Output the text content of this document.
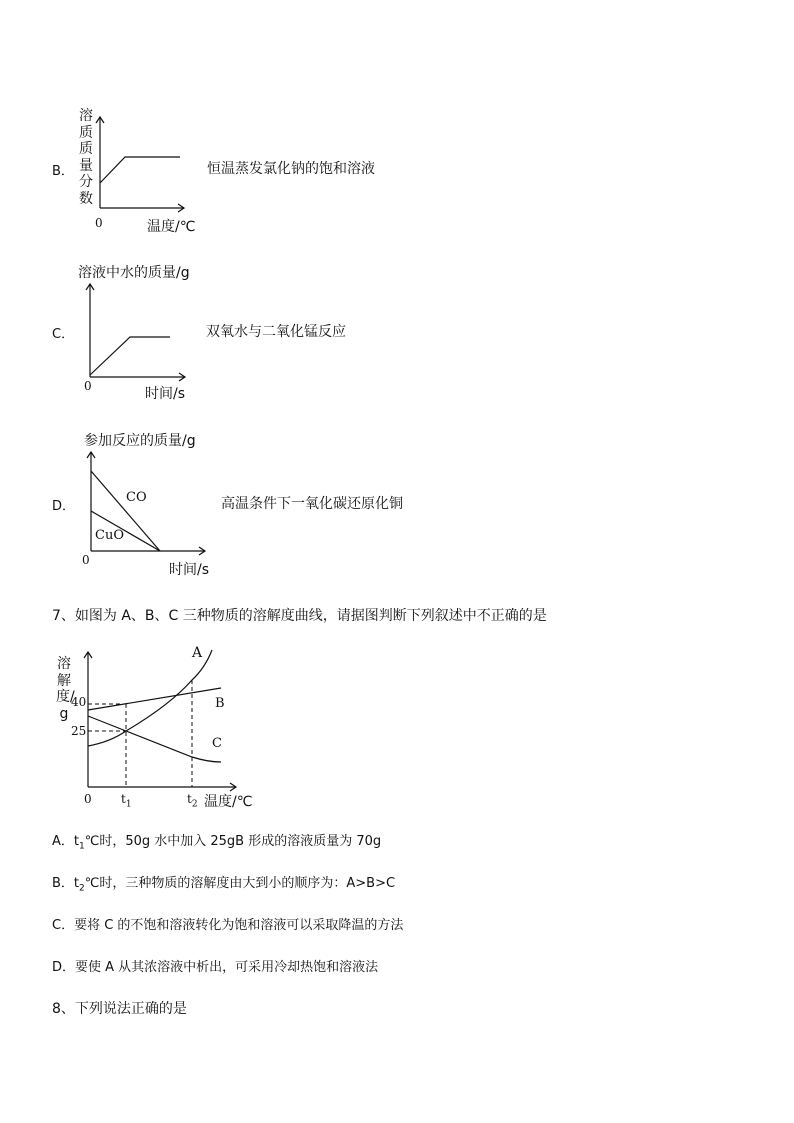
B．
溶质质量分数
0	温度/℃
恒温蒸发氯化钠的饱和溶液
溶液中水的质量/g
C．
0	时间/s
双氧水与二氧化锰反应
参加反应的质量/g
D．
CO
CuO
0
时间/s
高温条件下一氧化碳还原化铜
7、如图为 A、B、C 三种物质的溶解度曲线，请据图判断下列叙述中不正确的是
溶解度/g
40
25
0 $t_1$	$t_2$ 温度/℃
A
B
C
A．$t_1℃$时，50g 水中加入 25gB 形成的溶液质量为 70g
B．$t_2℃$时，三种物质的溶解度由大到小的顺序为：A>B>C
C．要将 C 的不饱和溶液转化为饱和溶液可以采取降温的方法
D．要使 A 从其浓溶液中析出，可采用冷却热饱和溶液法
8、下列说法正确的是
